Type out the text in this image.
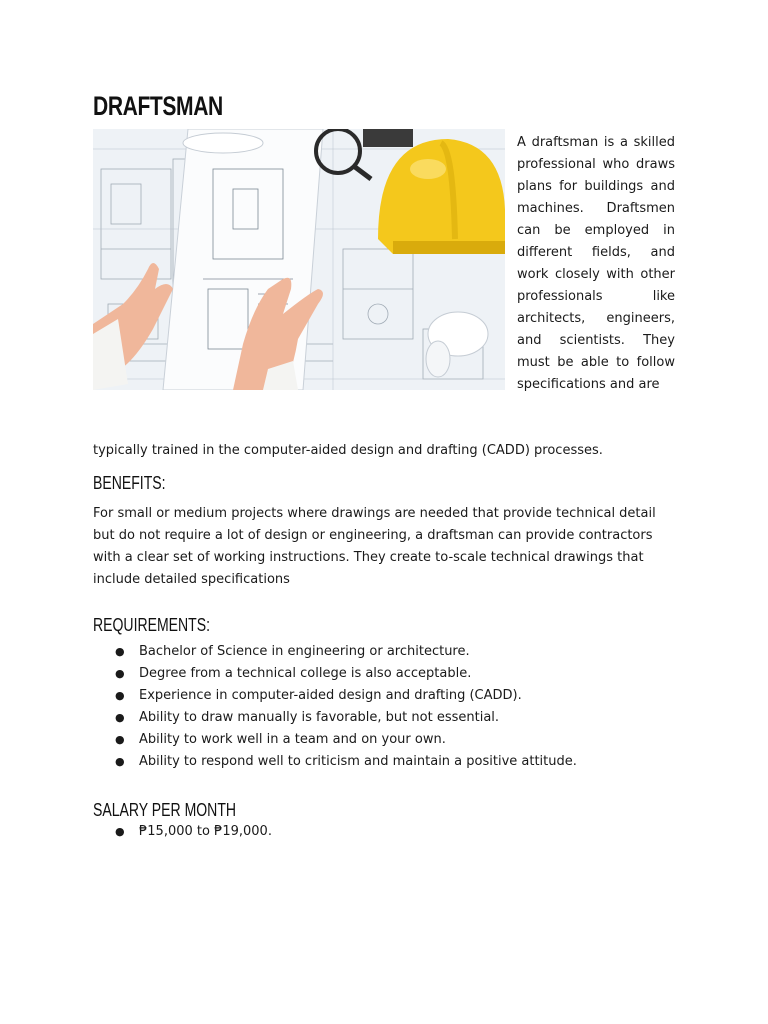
DRAFTSMAN

A draftsman is a skilled professional who draws plans for buildings and machines. Draftsmen can be employed in different fields, and work closely with other professionals like architects, engineers, and scientists. They must be able to follow specifications and are

typically trained in the computer-aided design and drafting (CADD) processes.

BENEFITS:

For small or medium projects where drawings are needed that provide technical detail but do not require a lot of design or engineering, a draftsman can provide contractors with a clear set of working instructions. They create to-scale technical drawings that include detailed specifications

REQUIREMENTS:
● Bachelor of Science in engineering or architecture.
● Degree from a technical college is also acceptable.
● Experience in computer-aided design and drafting (CADD).
● Ability to draw manually is favorable, but not essential.
● Ability to work well in a team and on your own.
● Ability to respond well to criticism and maintain a positive attitude.
SALARY PER MONTH
● ₱15,000 to ₱19,000.
